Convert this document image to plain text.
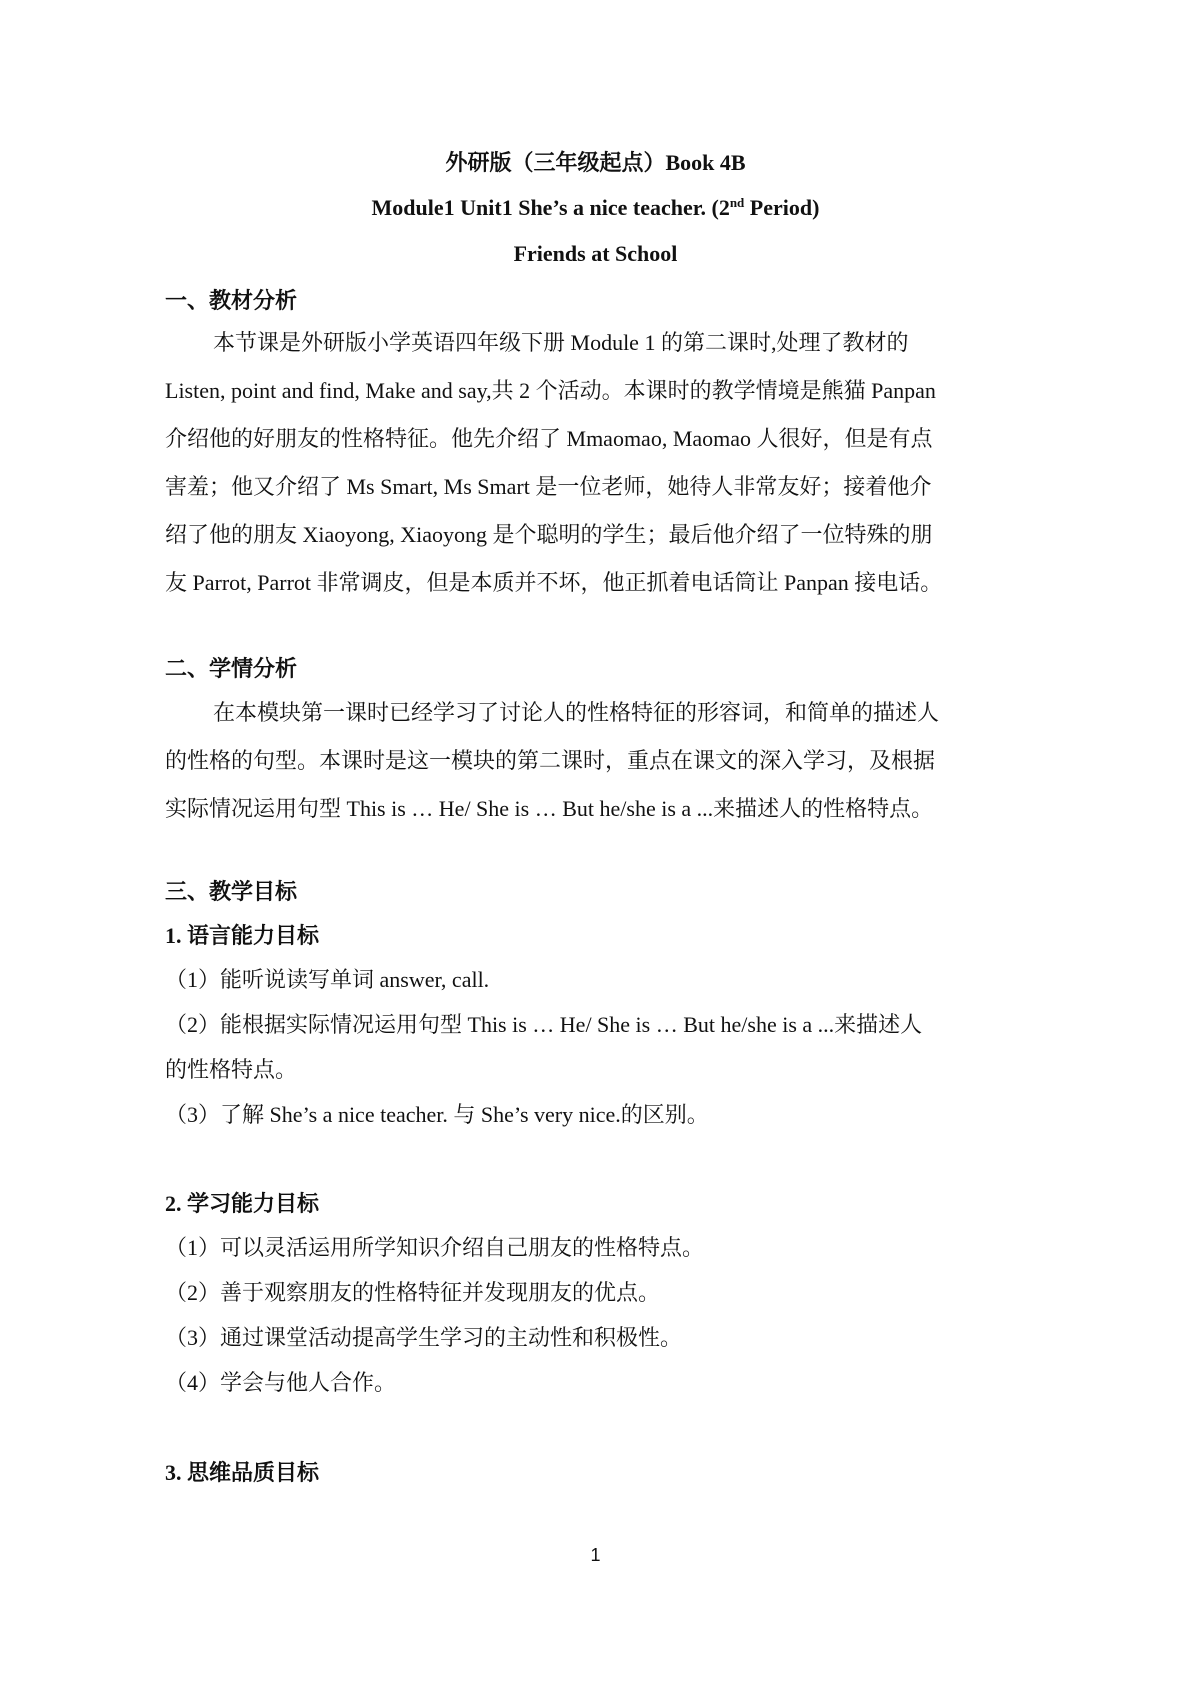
外研版（三年级起点）Book 4B
Module1 Unit1 She’s a nice teacher. (2nd Period)
Friends at School
一、教材分析
本节课是外研版小学英语四年级下册 Module 1 的第二课时,处理了教材的
Listen, point and find, Make and say,共 2 个活动。本课时的教学情境是熊猫 Panpan
介绍他的好朋友的性格特征。他先介绍了 Mmaomao, Maomao 人很好，但是有点
害羞；他又介绍了 Ms Smart, Ms Smart 是一位老师，她待人非常友好；接着他介
绍了他的朋友 Xiaoyong, Xiaoyong 是个聪明的学生；最后他介绍了一位特殊的朋
友 Parrot, Parrot 非常调皮，但是本质并不坏，他正抓着电话筒让 Panpan 接电话。
二、学情分析
在本模块第一课时已经学习了讨论人的性格特征的形容词，和简单的描述人
的性格的句型。本课时是这一模块的第二课时，重点在课文的深入学习，及根据
实际情况运用句型 This is … He/ She is … But he/she is a ...来描述人的性格特点。
三、教学目标
1. 语言能力目标
（1）能听说读写单词 answer, call.
（2）能根据实际情况运用句型 This is … He/ She is … But he/she is a ...来描述人
的性格特点。
（3）了解 She’s a nice teacher. 与 She’s very nice.的区别。
2. 学习能力目标
（1）可以灵活运用所学知识介绍自己朋友的性格特点。
（2）善于观察朋友的性格特征并发现朋友的优点。
（3）通过课堂活动提高学生学习的主动性和积极性。
（4）学会与他人合作。
3. 思维品质目标
1
